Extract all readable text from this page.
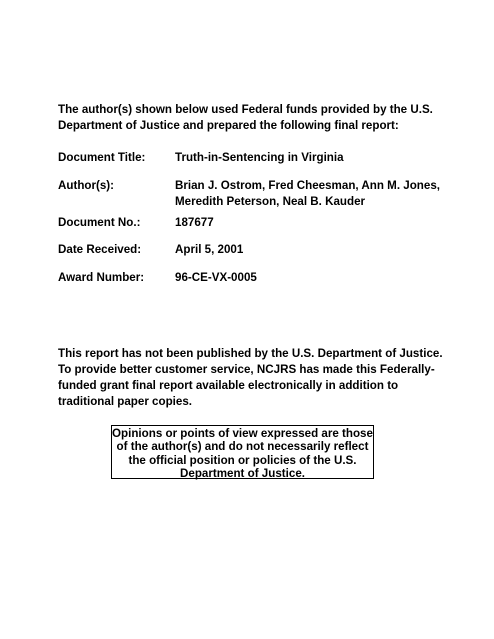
The author(s) shown below used Federal funds provided by the U.S.
Department of Justice and prepared the following final report:
Document Title:	Truth-in-Sentencing in Virginia
Author(s):	Brian J. Ostrom, Fred Cheesman, Ann M. Jones,
Meredith Peterson, Neal B. Kauder
Document No.:	187677
Date Received:	April 5, 2001
Award Number:	96-CE-VX-0005
This report has not been published by the U.S. Department of Justice.
To provide better customer service, NCJRS has made this Federally-
funded grant final report available electronically in addition to
traditional paper copies.
Opinions or points of view expressed are those
of the author(s) and do not necessarily reflect
the official position or policies of the U.S.
Department of Justice.
